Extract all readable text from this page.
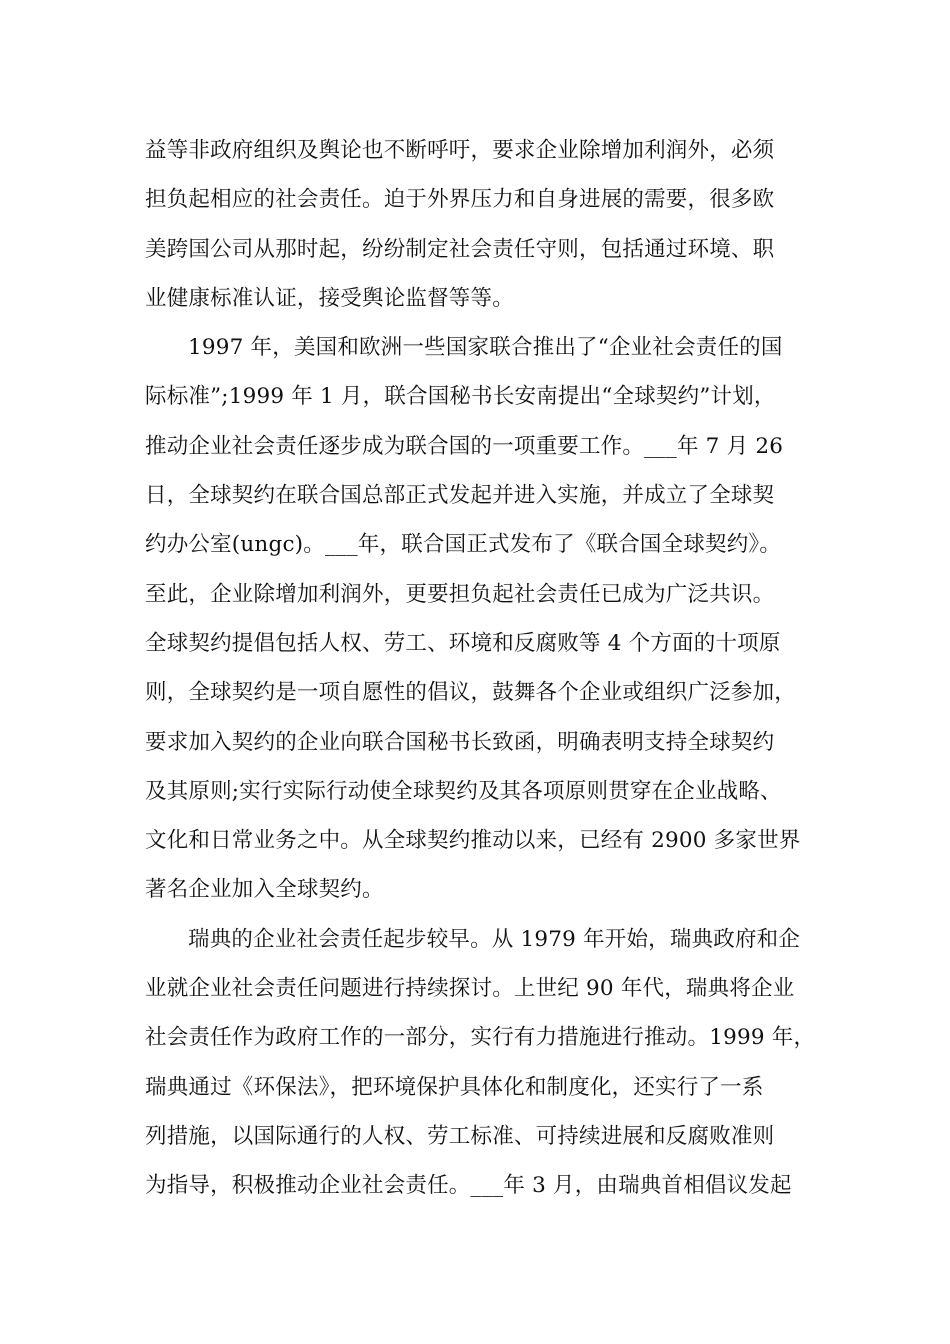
益等非政府组织及舆论也不断呼吁，要求企业除增加利润外，必须
担负起相应的社会责任。迫于外界压力和自身进展的需要，很多欧
美跨国公司从那时起，纷纷制定社会责任守则，包括通过环境、职
业健康标准认证，接受舆论监督等等。
1997 年，美国和欧洲一些国家联合推出了“企业社会责任的国
际标准”;1999 年 1 月，联合国秘书长安南提出“全球契约”计划，
推动企业社会责任逐步成为联合国的一项重要工作。___年 7 月 26
日，全球契约在联合国总部正式发起并进入实施，并成立了全球契
约办公室(ungc)。___年，联合国正式发布了《联合国全球契约》。
至此，企业除增加利润外，更要担负起社会责任已成为广泛共识。
全球契约提倡包括人权、劳工、环境和反腐败等 4 个方面的十项原
则，全球契约是一项自愿性的倡议，鼓舞各个企业或组织广泛参加，
要求加入契约的企业向联合国秘书长致函，明确表明支持全球契约
及其原则;实行实际行动使全球契约及其各项原则贯穿在企业战略、
文化和日常业务之中。从全球契约推动以来，已经有 2900 多家世界
著名企业加入全球契约。
瑞典的企业社会责任起步较早。从 1979 年开始，瑞典政府和企
业就企业社会责任问题进行持续探讨。上世纪 90 年代，瑞典将企业
社会责任作为政府工作的一部分，实行有力措施进行推动。1999 年，
瑞典通过《环保法》，把环境保护具体化和制度化，还实行了一系
列措施，以国际通行的人权、劳工标准、可持续进展和反腐败准则
为指导，积极推动企业社会责任。___年 3 月，由瑞典首相倡议发起
